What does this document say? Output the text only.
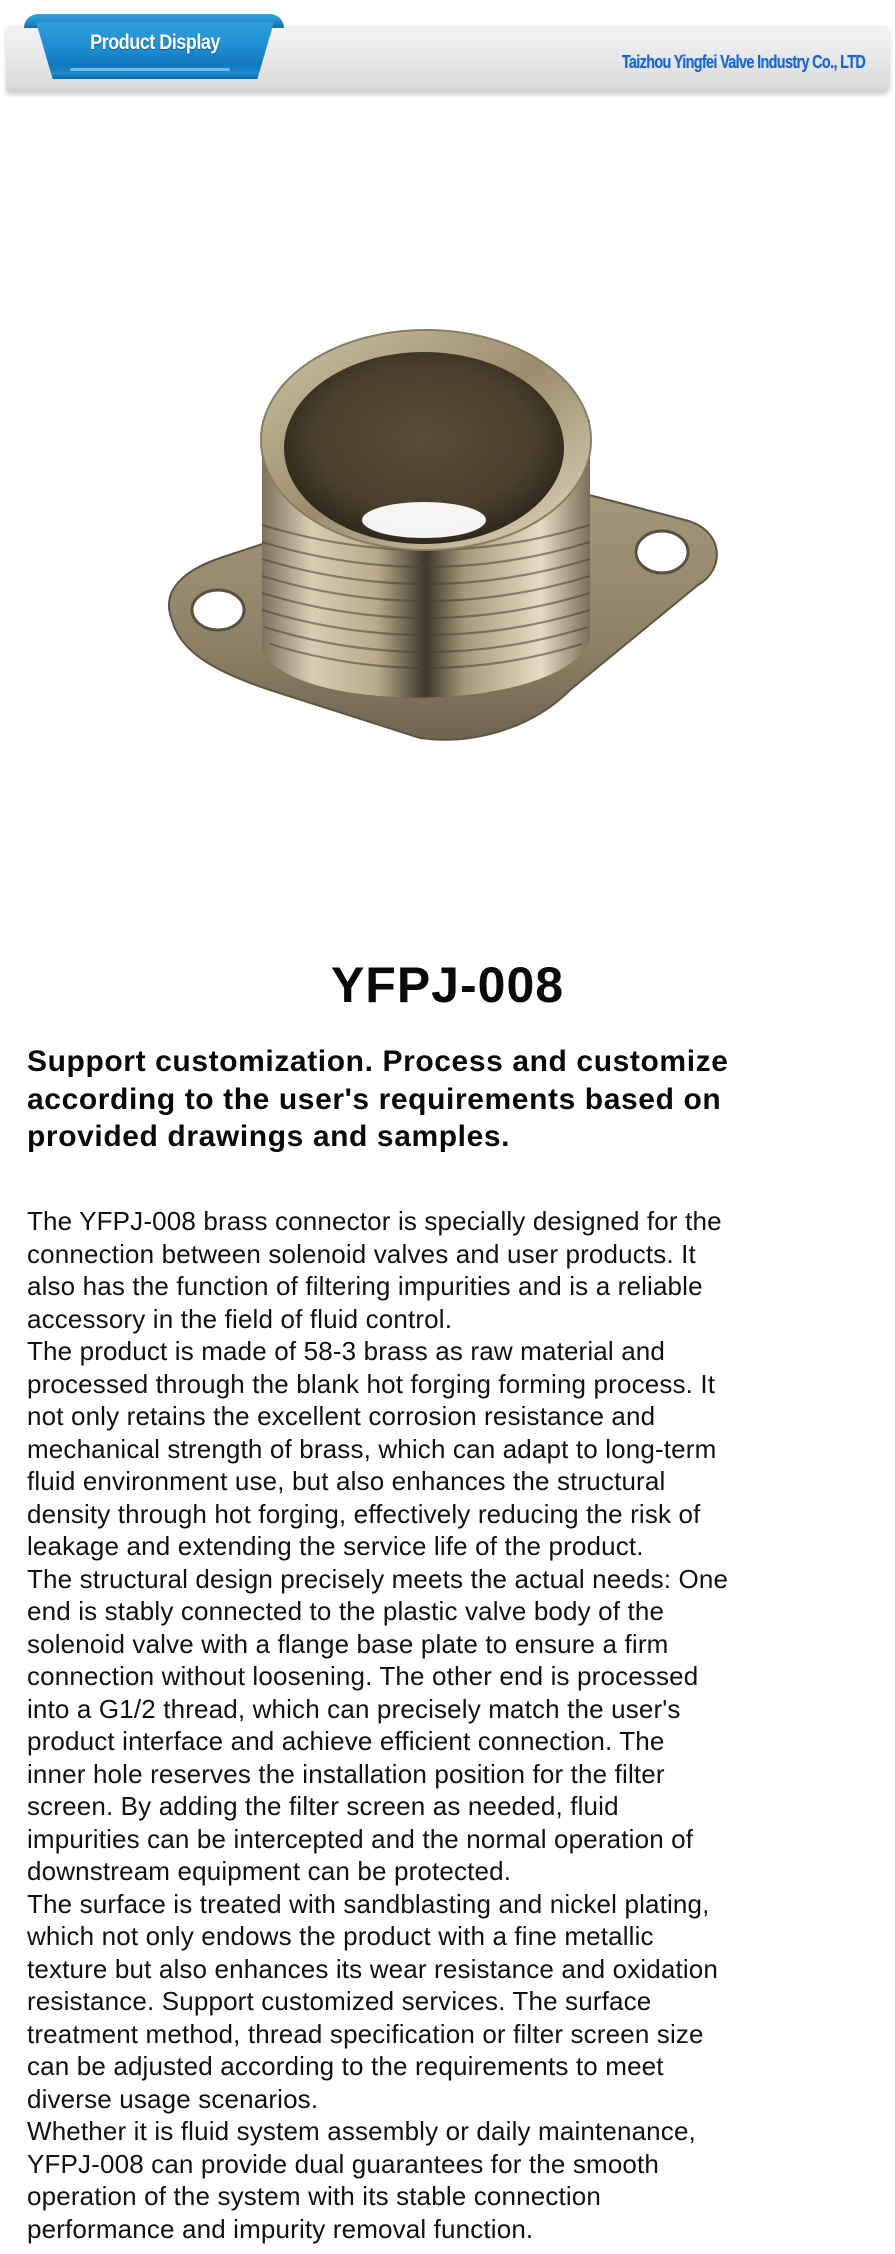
Product Display
Taizhou Yingfei Valve Industry Co., LTD
YFPJ-008
Support customization. Process and customize
according to the user's requirements based on
provided drawings and samples.
The YFPJ-008 brass connector is specially designed for the
connection between solenoid valves and user products. It
also has the function of filtering impurities and is a reliable
accessory in the field of fluid control.
The product is made of 58-3 brass as raw material and
processed through the blank hot forging forming process. It
not only retains the excellent corrosion resistance and
mechanical strength of brass, which can adapt to long-term
fluid environment use, but also enhances the structural
density through hot forging, effectively reducing the risk of
leakage and extending the service life of the product.
The structural design precisely meets the actual needs: One
end is stably connected to the plastic valve body of the
solenoid valve with a flange base plate to ensure a firm
connection without loosening. The other end is processed
into a G1/2 thread, which can precisely match the user's
product interface and achieve efficient connection. The
inner hole reserves the installation position for the filter
screen. By adding the filter screen as needed, fluid
impurities can be intercepted and the normal operation of
downstream equipment can be protected.
The surface is treated with sandblasting and nickel plating,
which not only endows the product with a fine metallic
texture but also enhances its wear resistance and oxidation
resistance. Support customized services. The surface
treatment method, thread specification or filter screen size
can be adjusted according to the requirements to meet
diverse usage scenarios.
Whether it is fluid system assembly or daily maintenance,
YFPJ-008 can provide dual guarantees for the smooth
operation of the system with its stable connection
performance and impurity removal function.
